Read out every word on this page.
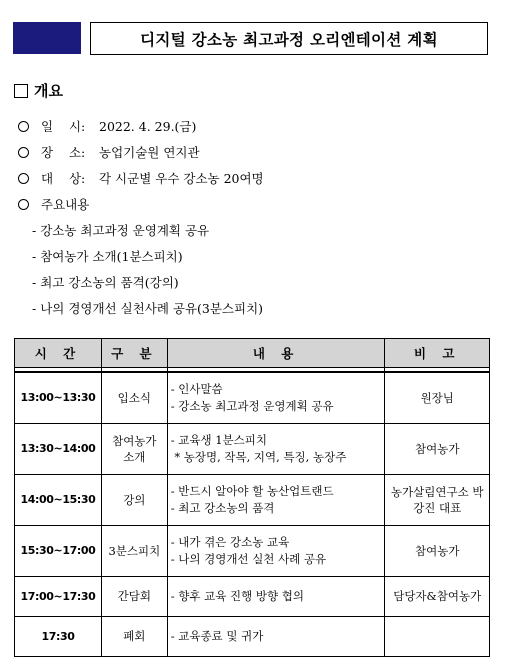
디지털 강소농 최고과정 오리엔테이션 계획
개요
일    시:	2022. 4. 29.(금)
장    소:	농업기술원 연지관
대    상:	각 시군별 우수 강소농 20여명
주요내용
- 강소농 최고과정 운영계획 공유
- 참여농가 소개(1분스피치)
- 최고 강소농의 품격(강의)
- 나의 경영개선 실천사례 공유(3분스피치)
시 간	구 분	내 용	비 고

13:00~13:30	입소식	- 인사말씀
- 강소농 최고과정 운영계획 공유	원장님
13:30~14:00	참여농가 소개	- 교육생 1분스피치
* 농장명, 작목, 지역, 특징, 농장주	참여농가
14:00~15:30	강의	- 반드시 알아야 할 농산업트랜드
- 최고 강소농의 품격	농가살림연구소 박강진 대표
15:30~17:00	3분스피치	- 내가 겪은 강소농 교육
- 나의 경영개선 실천 사례 공유	참여농가
17:00~17:30	간담회	- 향후 교육 진행 방향 협의	담당자&참여농가
17:30	폐회	- 교육종료 및 귀가	
